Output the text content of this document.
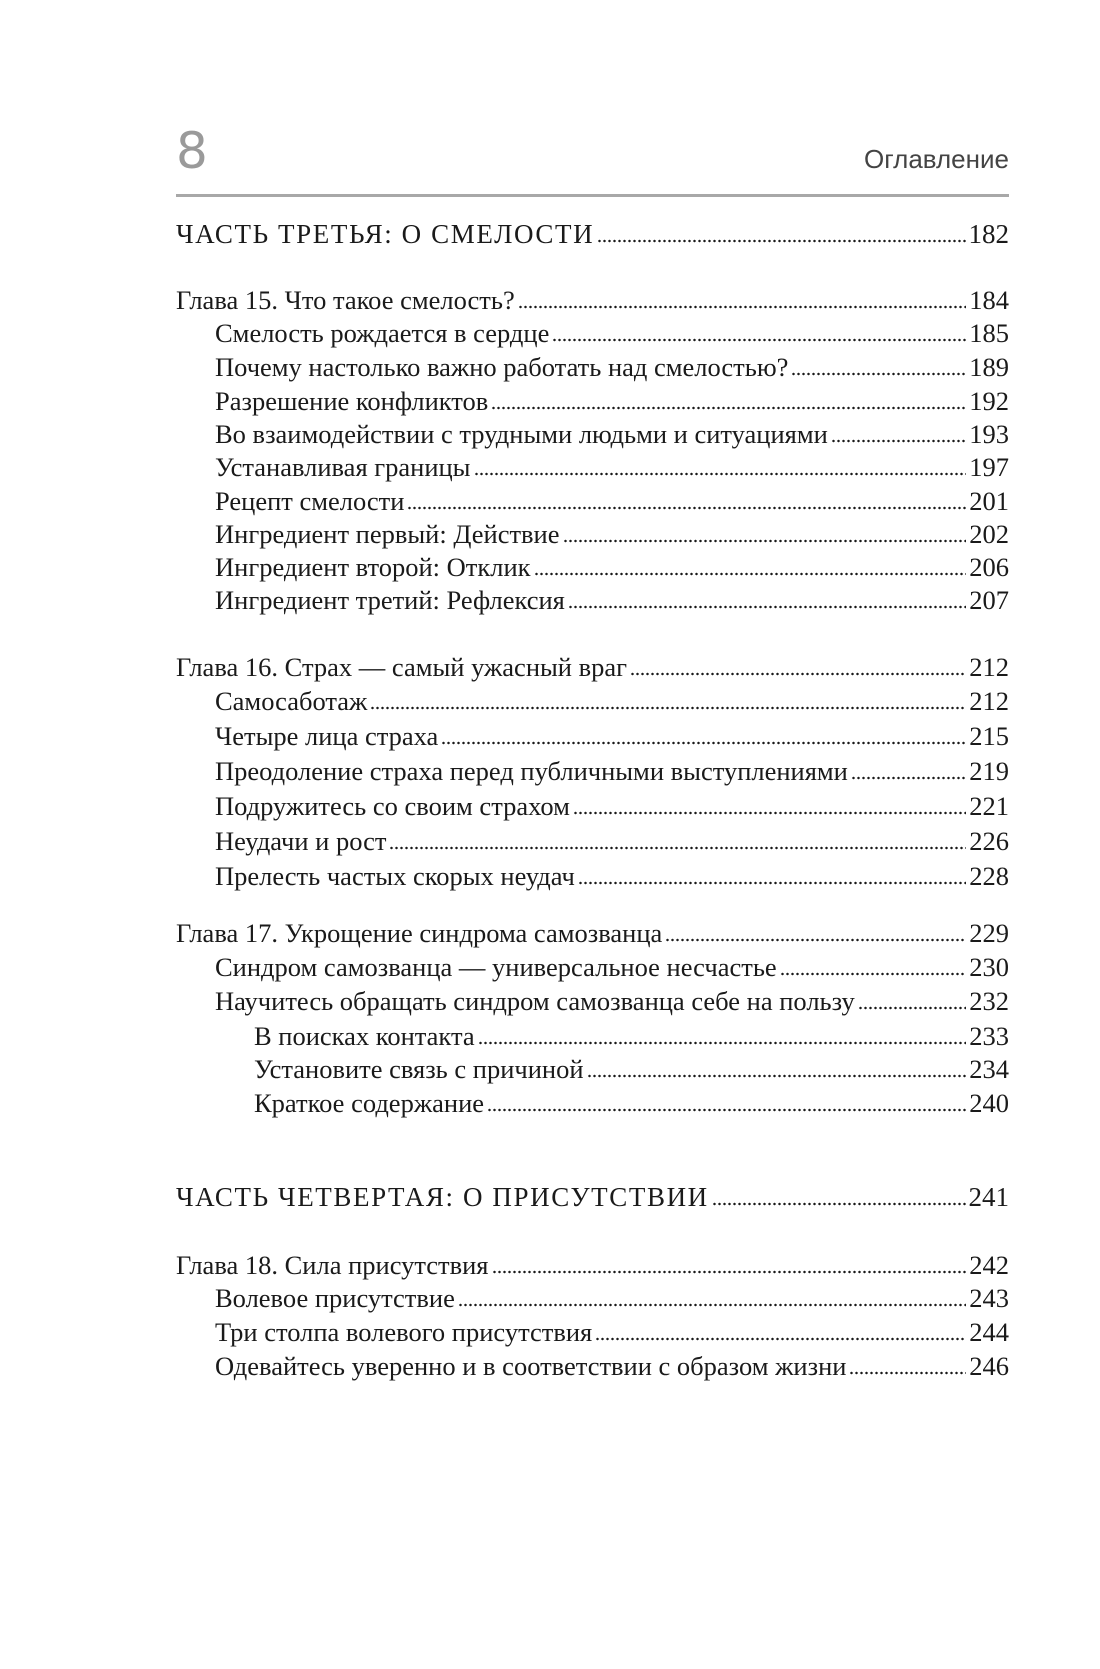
8	Оглавление
ЧАСТЬ ТРЕТЬЯ: О СМЕЛОСТИ	182
Глава 15. Что такое смелость?	184
Смелость рождается в сердце	185
Почему настолько важно работать над смелостью?	189
Разрешение конфликтов	192
Во взаимодействии с трудными людьми и ситуациями	193
Устанавливая границы	197
Рецепт смелости	201
Ингредиент первый: Действие	202
Ингредиент второй: Отклик	206
Ингредиент третий: Рефлексия	207
Глава 16. Страх — самый ужасный враг	212
Самосаботаж	212
Четыре лица страха	215
Преодоление страха перед публичными выступлениями	219
Подружитесь со своим страхом	221
Неудачи и рост	226
Прелесть частых скорых неудач	228
Глава 17. Укрощение синдрома самозванца	229
Синдром самозванца — универсальное несчастье	230
Научитесь обращать синдром самозванца себе на пользу	232
В поисках контакта	233
Установите связь с причиной	234
Краткое содержание	240
ЧАСТЬ ЧЕТВЕРТАЯ: О ПРИСУТСТВИИ	241
Глава 18. Сила присутствия	242
Волевое присутствие	243
Три столпа волевого присутствия	244
Одевайтесь уверенно и в соответствии с образом жизни	246
